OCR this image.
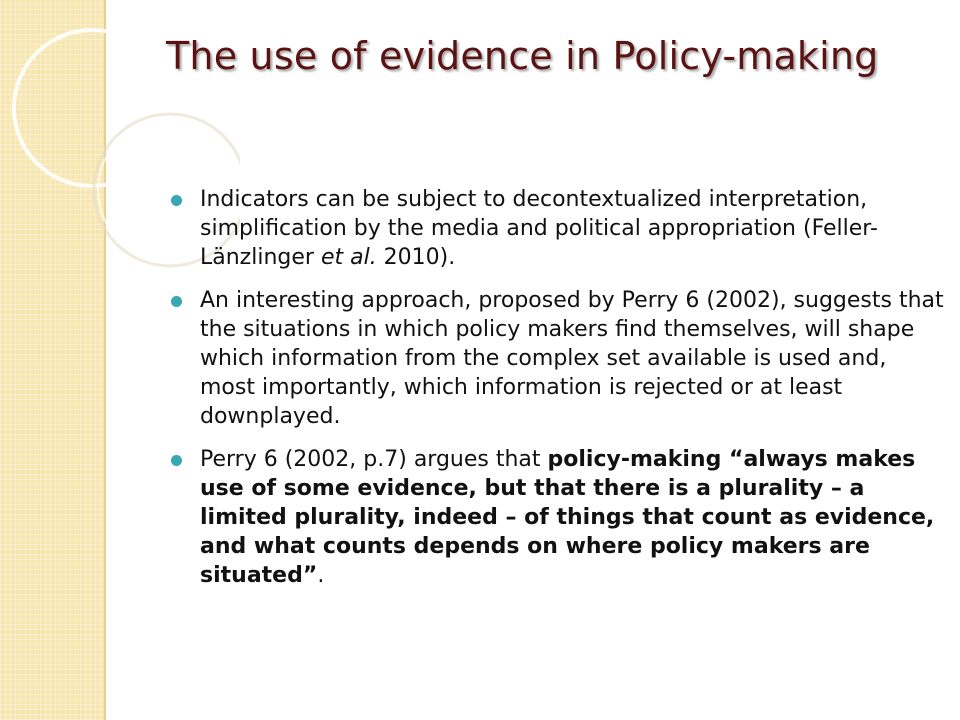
The use of evidence in Policy-making
Indicators can be subject to decontextualized interpretation, simplification by the media and political appropriation (Feller-Länzlinger et al. 2010).
An interesting approach, proposed by Perry 6 (2002), suggests that the situations in which policy makers find themselves, will shape which information from the complex set available is used and, most importantly, which information is rejected or at least downplayed.
Perry 6 (2002, p.7) argues that policy-making “always makes use of some evidence, but that there is a plurality – a limited plurality, indeed – of things that count as evidence, and what counts depends on where policy makers are situated”.
